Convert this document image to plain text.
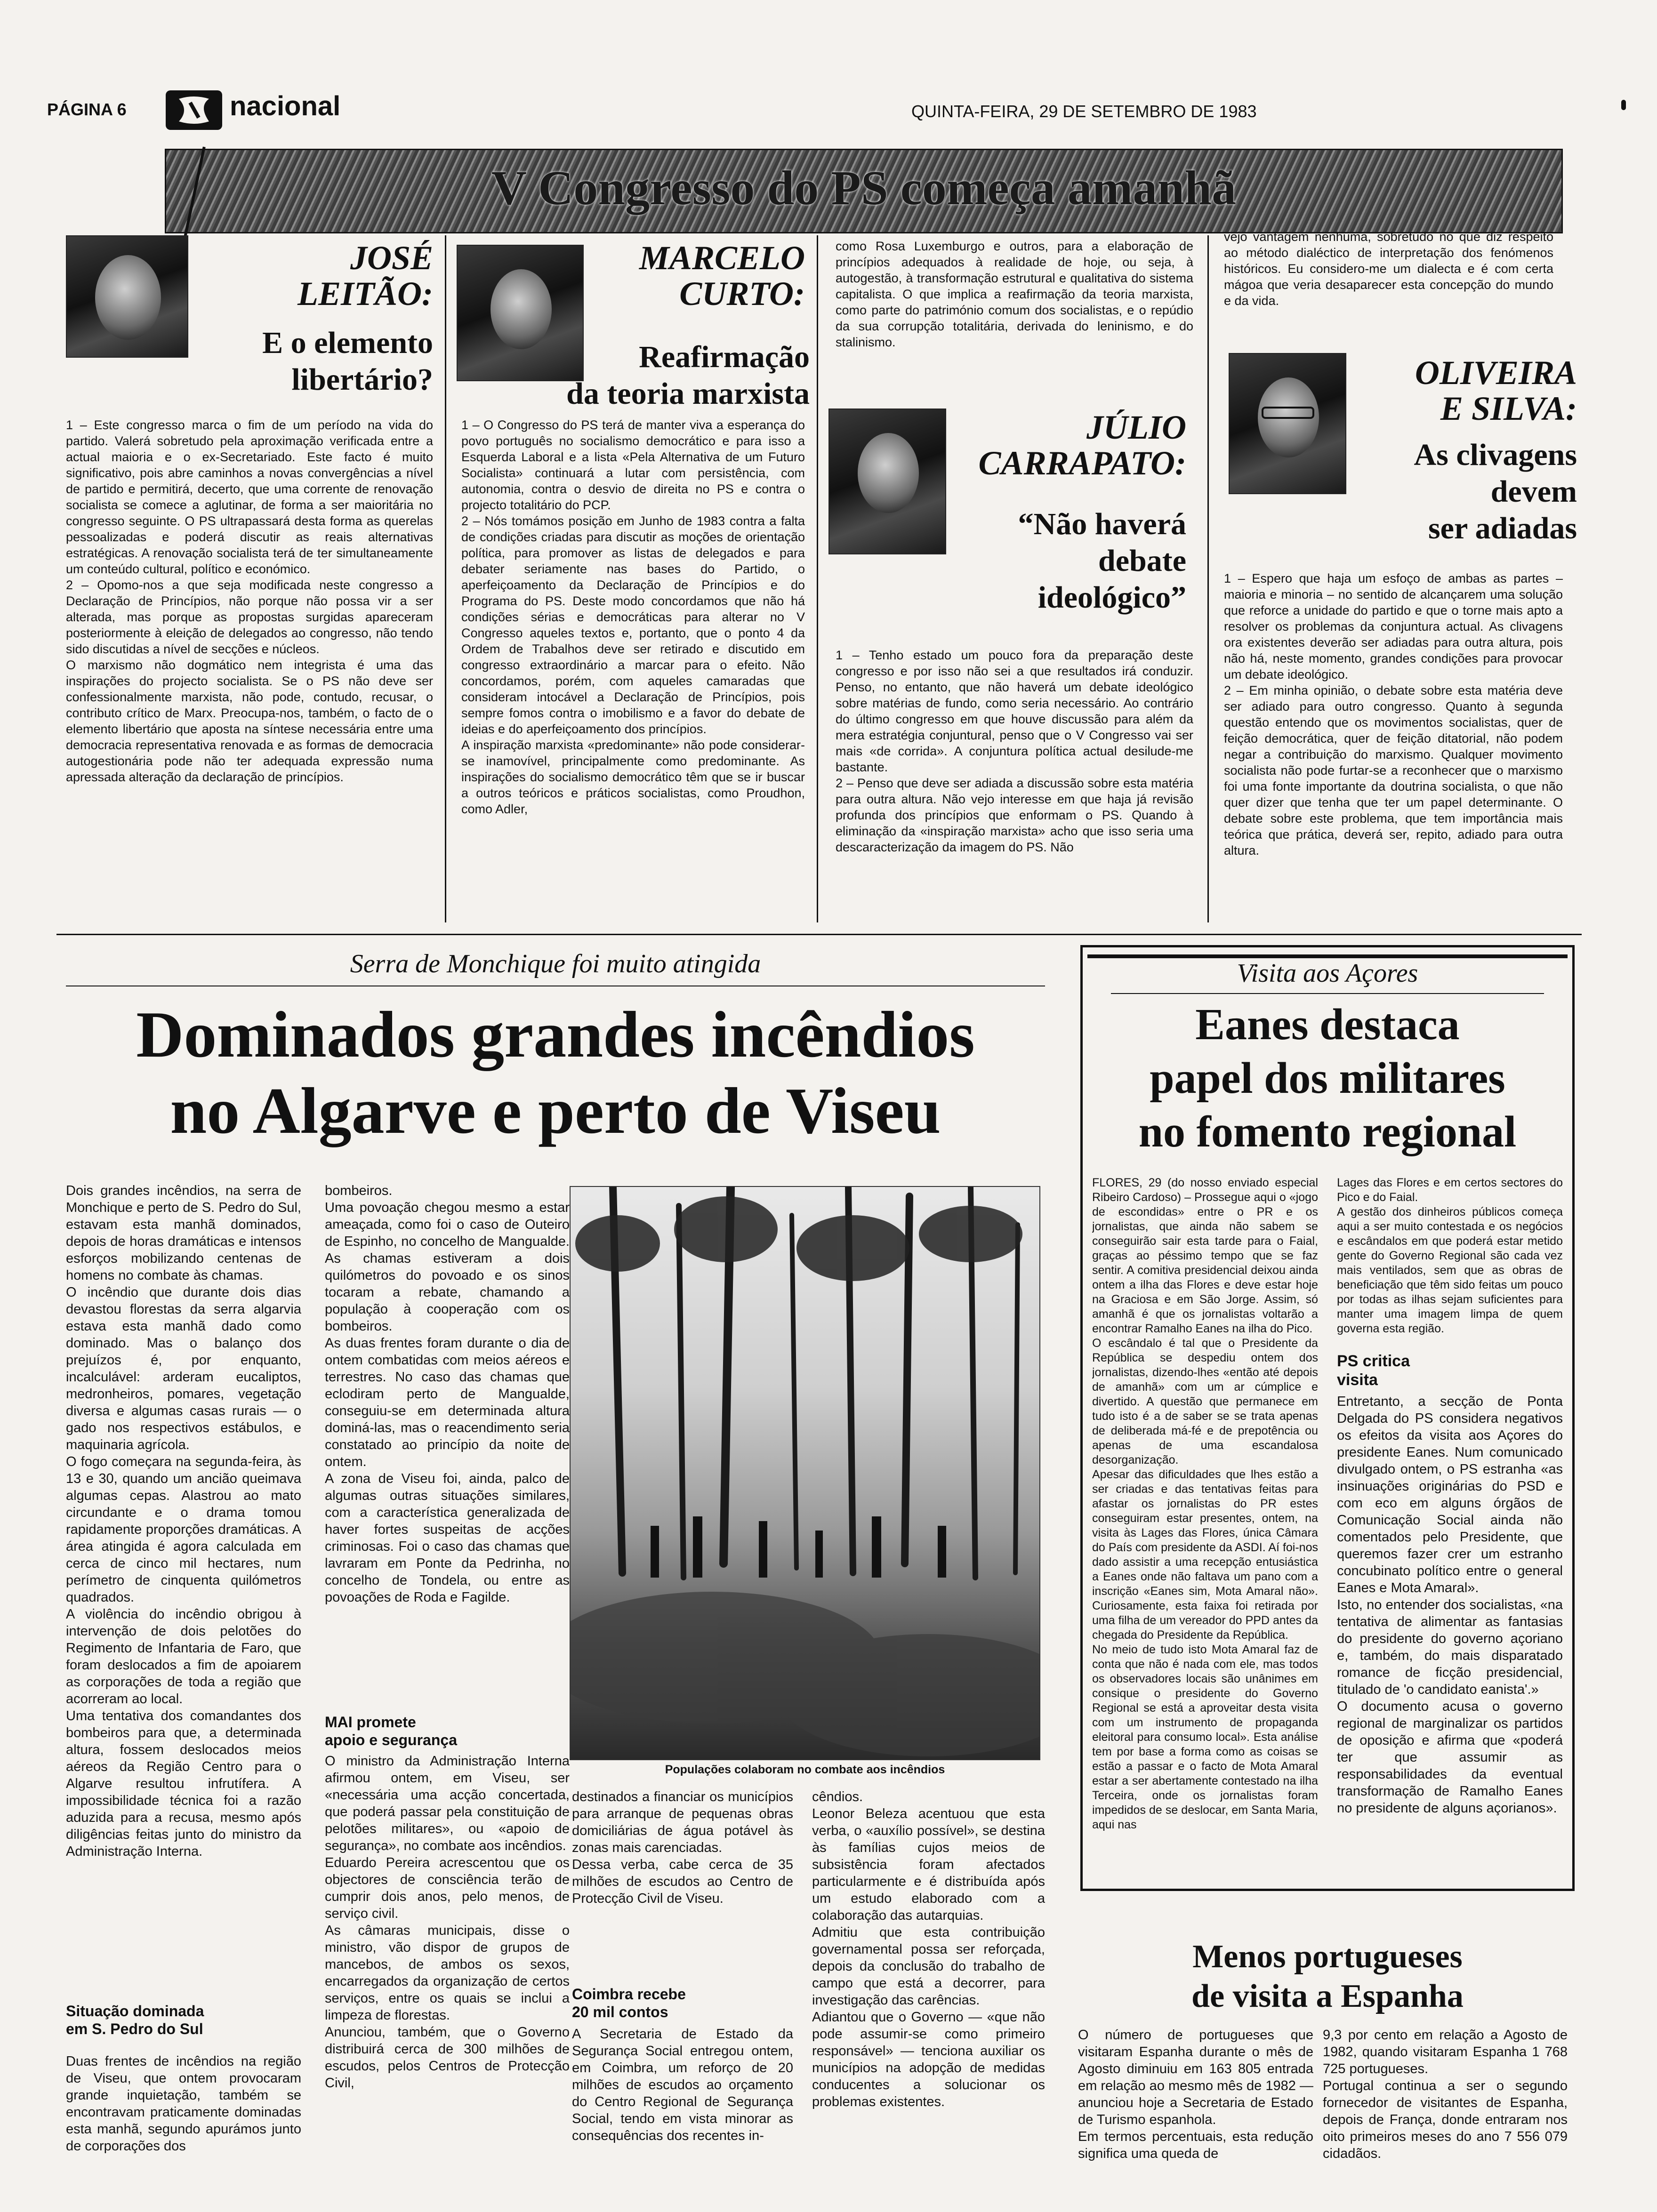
PÁGINA 6	nacional	QUINTA-FEIRA, 29 DE SETEMBRO DE 1983
V Congresso do PS começa amanhã
JOSÉ
LEITÃO:
E o elemento
libertário?
1 – Este congresso marca o fim de um período na vida do partido. Valerá sobretudo pela aproximação verificada entre a actual maioria e o ex-Secretariado. Este facto é muito significativo, pois abre caminhos a novas convergências a nível de partido e permitirá, decerto, que uma corrente de renovação socialista se comece a aglutinar, de forma a ser maioritária no congresso seguinte. O PS ultrapassará desta forma as querelas pessoalizadas e poderá discutir as reais alternativas estratégicas. A renovação socialista terá de ter simultaneamente um conteúdo cultural, político e económico.
2 – Opomo-nos a que seja modificada neste congresso a Declaração de Princípios, não porque não possa vir a ser alterada, mas porque as propostas surgidas apareceram posteriormente à eleição de delegados ao congresso, não tendo sido discutidas a nível de secções e núcleos.
O marxismo não dogmático nem integrista é uma das inspirações do projecto socialista. Se o PS não deve ser confessionalmente marxista, não pode, contudo, recusar, o contributo crítico de Marx. Preocupa-nos, também, o facto de o elemento libertário que aposta na síntese necessária entre uma democracia representativa renovada e as formas de democracia autogestionária pode não ter adequada expressão numa apressada alteração da declaração de princípios.
MARCELO
CURTO:
Reafirmação
da teoria marxista
1 – O Congresso do PS terá de manter viva a esperança do povo português no socialismo democrático e para isso a Esquerda Laboral e a lista «Pela Alternativa de um Futuro Socialista» continuará a lutar com persistência, com autonomia, contra o desvio de direita no PS e contra o projecto totalitário do PCP.
2 – Nós tomámos posição em Junho de 1983 contra a falta de condições criadas para discutir as moções de orientação política, para promover as listas de delegados e para debater seriamente nas bases do Partido, o aperfeiçoamento da Declaração de Princípios e do Programa do PS. Deste modo concordamos que não há condições sérias e democráticas para alterar no V Congresso aqueles textos e, portanto, que o ponto 4 da Ordem de Trabalhos deve ser retirado e discutido em congresso extraordinário a marcar para o efeito. Não concordamos, porém, com aqueles camaradas que consideram intocável a Declaração de Princípios, pois sempre fomos contra o imobilismo e a favor do debate de ideias e do aperfeiçoamento dos princípios.
A inspiração marxista «predominante» não pode considerar-se inamovível, principalmente como predominante. As inspirações do socialismo democrático têm que se ir buscar a outros teóricos e práticos socialistas, como Proudhon, como Adler,
como Rosa Luxemburgo e outros, para a elaboração de princípios adequados à realidade de hoje, ou seja, à autogestão, à transformação estrutural e qualitativa do sistema capitalista. O que implica a reafirmação da teoria marxista, como parte do património comum dos socialistas, e o repúdio da sua corrupção totalitária, derivada do leninismo, e do stalinismo.
JÚLIO
CARRAPATO:
“Não haverá
debate
ideológico”
1 – Tenho estado um pouco fora da preparação deste congresso e por isso não sei a que resultados irá conduzir. Penso, no entanto, que não haverá um debate ideológico sobre matérias de fundo, como seria necessário. Ao contrário do último congresso em que houve discussão para além da mera estratégia conjuntural, penso que o V Congresso vai ser mais «de corrida». A conjuntura política actual desilude-me bastante.
2 – Penso que deve ser adiada a discussão sobre esta matéria para outra altura. Não vejo interesse em que haja já revisão profunda dos princípios que enformam o PS. Quando à eliminação da «inspiração marxista» acho que isso seria uma descaracterização da imagem do PS. Não
vejo vantagem nenhuma, sobretudo no que diz respeito ao método dialéctico de interpretação dos fenómenos históricos. Eu considero-me um dialecta e é com certa mágoa que veria desaparecer esta concepção do mundo e da vida.
OLIVEIRA
E SILVA:
As clivagens
devem
ser adiadas
1 – Espero que haja um esfoço de ambas as partes – maioria e minoria – no sentido de alcançarem uma solução que reforce a unidade do partido e que o torne mais apto a resolver os problemas da conjuntura actual. As clivagens ora existentes deverão ser adiadas para outra altura, pois não há, neste momento, grandes condições para provocar um debate ideológico.
2 – Em minha opinião, o debate sobre esta matéria deve ser adiado para outro congresso. Quanto à segunda questão entendo que os movimentos socialistas, quer de feição democrática, quer de feição ditatorial, não podem negar a contribuição do marxismo. Qualquer movimento socialista não pode furtar-se a reconhecer que o marxismo foi uma fonte importante da doutrina socialista, o que não quer dizer que tenha que ter um papel determinante. O debate sobre este problema, que tem importância mais teórica que prática, deverá ser, repito, adiado para outra altura.
Serra de Monchique foi muito atingida
Dominados grandes incêndios
no Algarve e perto de Viseu
Dois grandes incêndios, na serra de Monchique e perto de S. Pedro do Sul, estavam esta manhã dominados, depois de horas dramáticas e intensos esforços mobilizando centenas de homens no combate às chamas.
O incêndio que durante dois dias devastou florestas da serra algarvia estava esta manhã dado como dominado. Mas o balanço dos prejuízos é, por enquanto, incalculável: arderam eucaliptos, medronheiros, pomares, vegetação diversa e algumas casas rurais — o gado nos respectivos estábulos, e maquinaria agrícola.
O fogo começara na segunda-feira, às 13 e 30, quando um ancião queimava algumas cepas. Alastrou ao mato circundante e o drama tomou rapidamente proporções dramáticas. A área atingida é agora calculada em cerca de cinco mil hectares, num perímetro de cinquenta quilómetros quadrados.
A violência do incêndio obrigou à intervenção de dois pelotões do Regimento de Infantaria de Faro, que foram deslocados a fim de apoiarem as corporações de toda a região que acorreram ao local.
Uma tentativa dos comandantes dos bombeiros para que, a determinada altura, fossem deslocados meios aéreos da Região Centro para o Algarve resultou infrutífera. A impossibilidade técnica foi a razão aduzida para a recusa, mesmo após diligências feitas junto do ministro da Administração Interna.
Situação dominada
em S. Pedro do Sul
Duas frentes de incêndios na região de Viseu, que ontem provocaram grande inquietação, também se encontravam praticamente dominadas esta manhã, segundo apurámos junto de corporações dos
bombeiros.
Uma povoação chegou mesmo a estar ameaçada, como foi o caso de Outeiro de Espinho, no concelho de Mangualde. As chamas estiveram a dois quilómetros do povoado e os sinos tocaram a rebate, chamando a população à cooperação com os bombeiros.
As duas frentes foram durante o dia de ontem combatidas com meios aéreos e terrestres. No caso das chamas que eclodiram perto de Mangualde, conseguiu-se em determinada altura dominá-las, mas o reacendimento seria constatado ao princípio da noite de ontem.
A zona de Viseu foi, ainda, palco de algumas outras situações similares, com a característica generalizada de haver fortes suspeitas de acções criminosas. Foi o caso das chamas que lavraram em Ponte da Pedrinha, no concelho de Tondela, ou entre as povoações de Roda e Fagilde.
MAI promete
apoio e segurança
O ministro da Administração Interna afirmou ontem, em Viseu, ser «necessária uma acção concertada, que poderá passar pela constituição de pelotões militares», ou «apoio de segurança», no combate aos incêndios.
Eduardo Pereira acrescentou que os objectores de consciência terão de cumprir dois anos, pelo menos, de serviço civil.
As câmaras municipais, disse o ministro, vão dispor de grupos de mancebos, de ambos os sexos, encarregados da organização de certos serviços, entre os quais se inclui a limpeza de florestas.
Anunciou, também, que o Governo distribuirá cerca de 300 milhões de escudos, pelos Centros de Protecção Civil,
Populações colaboram no combate aos incêndios
destinados a financiar os municípios para arranque de pequenas obras domiciliárias de água potável às zonas mais carenciadas.
Dessa verba, cabe cerca de 35 milhões de escudos ao Centro de Protecção Civil de Viseu.
Coimbra recebe
20 mil contos
A Secretaria de Estado da Segurança Social entregou ontem, em Coimbra, um reforço de 20 milhões de escudos ao orçamento do Centro Regional de Segurança Social, tendo em vista minorar as consequências dos recentes in-
cêndios.
Leonor Beleza acentuou que esta verba, o «auxílio possível», se destina às famílias cujos meios de subsistência foram afectados particularmente e é distribuída após um estudo elaborado com a colaboração das autarquias.
Admitiu que esta contribuição governamental possa ser reforçada, depois da conclusão do trabalho de campo que está a decorrer, para investigação das carências.
Adiantou que o Governo — «que não pode assumir-se como primeiro responsável» — tenciona auxiliar os municípios na adopção de medidas conducentes a solucionar os problemas existentes.
Visita aos Açores
Eanes destaca
papel dos militares
no fomento regional
FLORES, 29 (do nosso enviado especial Ribeiro Cardoso) – Prossegue aqui o «jogo de escondidas» entre o PR e os jornalistas, que ainda não sabem se conseguirão sair esta tarde para o Faial, graças ao péssimo tempo que se faz sentir. A comitiva presidencial deixou ainda ontem a ilha das Flores e deve estar hoje na Graciosa e em São Jorge. Assim, só amanhã é que os jornalistas voltarão a encontrar Ramalho Eanes na ilha do Pico.
O escândalo é tal que o Presidente da República se despediu ontem dos jornalistas, dizendo-lhes «então até depois de amanhã» com um ar cúmplice e divertido. A questão que permanece em tudo isto é a de saber se se trata apenas de deliberada má-fé e de prepotência ou apenas de uma escandalosa desorganização.
Apesar das dificuldades que lhes estão a ser criadas e das tentativas feitas para afastar os jornalistas do PR estes conseguiram estar presentes, ontem, na visita às Lages das Flores, única Câmara do País com presidente da ASDI. Aí foi-nos dado assistir a uma recepção entusiástica a Eanes onde não faltava um pano com a inscrição «Eanes sim, Mota Amaral não». Curiosamente, esta faixa foi retirada por uma filha de um vereador do PPD antes da chegada do Presidente da República.
No meio de tudo isto Mota Amaral faz de conta que não é nada com ele, mas todos os observadores locais são unânimes em consique o presidente do Governo Regional se está a aproveitar desta visita com um instrumento de propaganda eleitoral para consumo local». Esta análise tem por base a forma como as coisas se estão a passar e o facto de Mota Amaral estar a ser abertamente contestado na ilha Terceira, onde os jornalistas foram impedidos de se deslocar, em Santa Maria, aqui nas
Lages das Flores e em certos sectores do Pico e do Faial.
A gestão dos dinheiros públicos começa aqui a ser muito contestada e os negócios e escândalos em que poderá estar metido gente do Governo Regional são cada vez mais ventilados, sem que as obras de beneficiação que têm sido feitas um pouco por todas as ilhas sejam suficientes para manter uma imagem limpa de quem governa esta região.
PS critica
visita
Entretanto, a secção de Ponta Delgada do PS considera negativos os efeitos da visita aos Açores do presidente Eanes. Num comunicado divulgado ontem, o PS estranha «as insinuações originárias do PSD e com eco em alguns órgãos de Comunicação Social ainda não comentados pelo Presidente, que queremos fazer crer um estranho concubinato político entre o general Eanes e Mota Amaral».
Isto, no entender dos socialistas, «na tentativa de alimentar as fantasias do presidente do governo açoriano e, também, do mais disparatado romance de ficção presidencial, titulado de 'o candidato eanista'.»
O documento acusa o governo regional de marginalizar os partidos de oposição e afirma que «poderá ter que assumir as responsabilidades da eventual transformação de Ramalho Eanes no presidente de alguns açorianos».
Menos portugueses
de visita a Espanha
O número de portugueses que visitaram Espanha durante o mês de Agosto diminuiu em 163 805 entrada em relação ao mesmo mês de 1982 — anunciou hoje a Secretaria de Estado de Turismo espanhola.
Em termos percentuais, esta redução significa uma queda de
9,3 por cento em relação a Agosto de 1982, quando visitaram Espanha 1 768 725 portugueses.
Portugal continua a ser o segundo fornecedor de visitantes de Espanha, depois de França, donde entraram nos oito primeiros meses do ano 7 556 079 cidadãos.
